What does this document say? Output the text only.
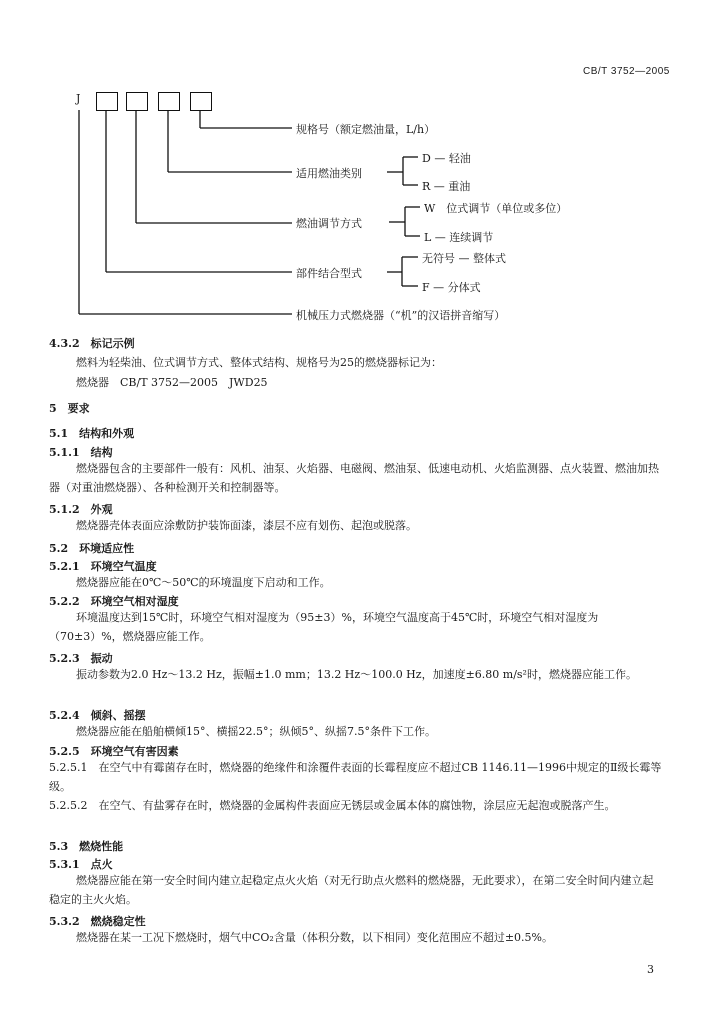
CB/T 3752—2005
J
规格号（额定燃油量，L/h）
适用燃油类别
燃油调节方式
部件结合型式
机械压力式燃烧器（“机”的汉语拼音缩写）
D — 轻油
R — 重油
W　位式调节（单位或多位）
L — 连续调节
无符号 — 整体式
F — 分体式
4.3.2　标记示例
燃料为轻柴油、位式调节方式、整体式结构、规格号为25的燃烧器标记为：
燃烧器　CB/T 3752—2005　JWD25
5　要求
5.1　结构和外观
5.1.1　结构
燃烧器包含的主要部件一般有：风机、油泵、火焰器、电磁阀、燃油泵、低速电动机、火焰监测器、点火装置、燃油加热器（对重油燃烧器）、各种检测开关和控制器等。
5.1.2　外观
燃烧器壳体表面应涂敷防护装饰面漆，漆层不应有划伤、起泡或脱落。
5.2　环境适应性
5.2.1　环境空气温度
燃烧器应能在0℃～50℃的环境温度下启动和工作。
5.2.2　环境空气相对湿度
环境温度达到15℃时，环境空气相对湿度为（95±3）%，环境空气温度高于45℃时，环境空气相对湿度为（70±3）%，燃烧器应能工作。
5.2.3　振动
振动参数为2.0 Hz～13.2 Hz，振幅±1.0 mm；13.2 Hz～100.0 Hz，加速度±6.80 m/s²时，燃烧器应能工作。
5.2.4　倾斜、摇摆
燃烧器应能在船舶横倾15°、横摇22.5°；纵倾5°、纵摇7.5°条件下工作。
5.2.5　环境空气有害因素
5.2.5.1　在空气中有霉菌存在时，燃烧器的绝缘件和涂覆件表面的长霉程度应不超过CB 1146.11—1996中规定的Ⅱ级长霉等级。
5.2.5.2　在空气、有盐雾存在时，燃烧器的金属构件表面应无锈层或金属本体的腐蚀物，涂层应无起泡或脱落产生。
5.3　燃烧性能
5.3.1　点火
燃烧器应能在第一安全时间内建立起稳定点火火焰（对无行助点火燃料的燃烧器，无此要求），在第二安全时间内建立起稳定的主火火焰。
5.3.2　燃烧稳定性
燃烧器在某一工况下燃烧时，烟气中CO₂含量（体积分数，以下相同）变化范围应不超过±0.5%。
3
